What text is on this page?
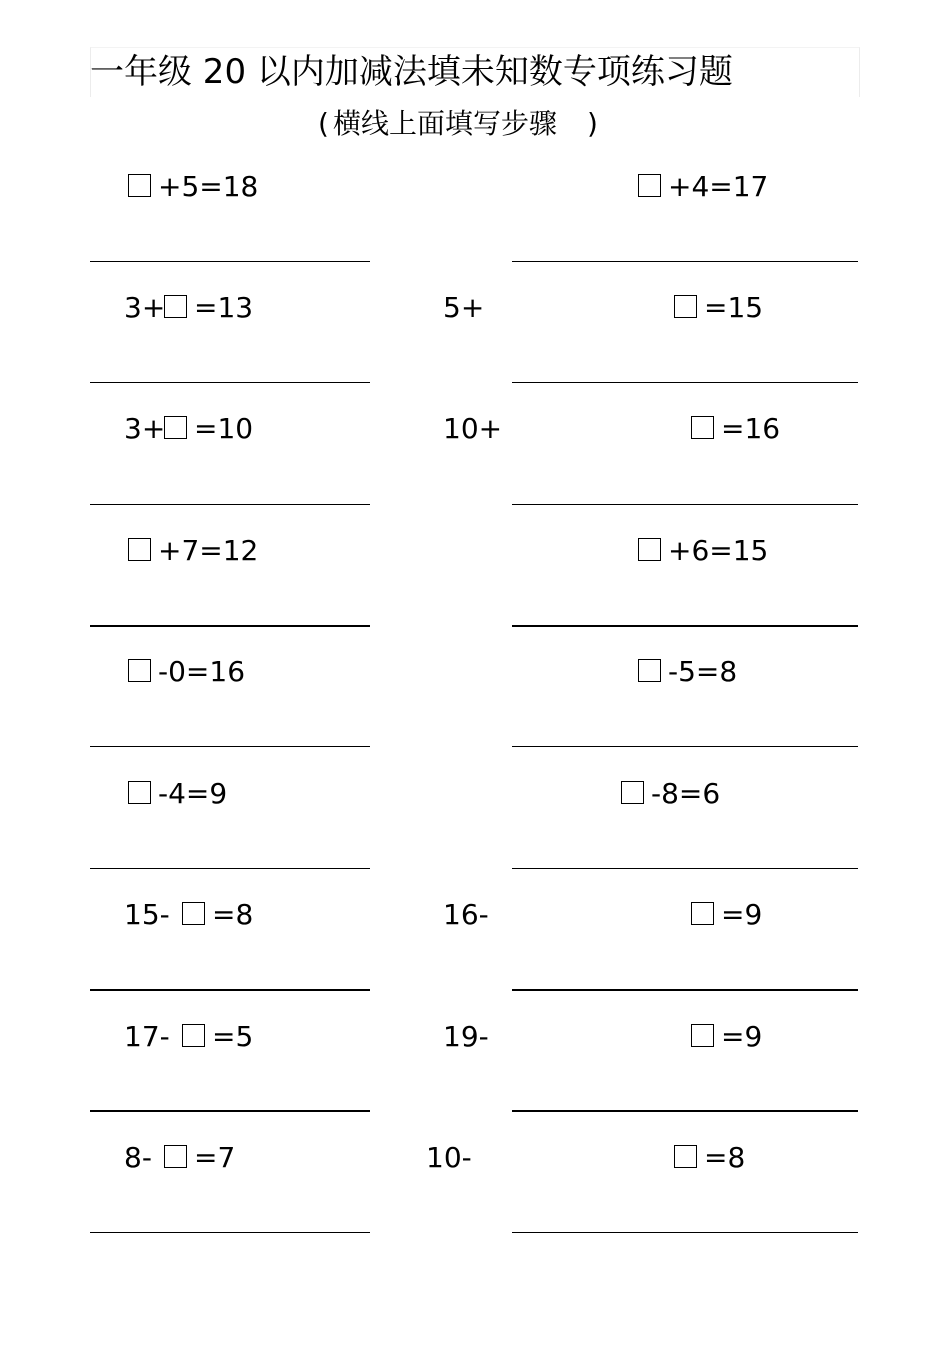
一年级 20 以内加减法填未知数专项练习题
( 横线上面填写步骤 )
+5=18	+4=17
3+ =13	5+	=15
3+ =10	10+	=16
+7=12	+6=15
-0=16	-5=8
-4=9	-8=6
15- =8	16-	=9
17- =5	19-	=9
8- =7	10-	=8
